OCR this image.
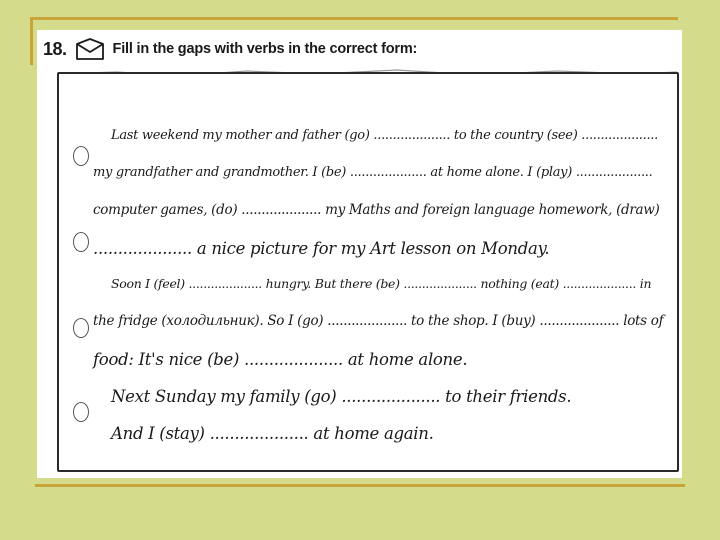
18.	Fill in the gaps with verbs in the correct form:
Last weekend my mother and father (go) .................... to the country (see) ....................
my grandfather and grandmother. I (be) .................... at home alone. I (play) ....................
computer games, (do) .................... my Maths and foreign language homework, (draw)
.................... a nice picture for my Art lesson on Monday.
Soon I (feel) .................... hungry. But there (be) .................... nothing (eat) .................... in
the fridge (холодильник). So I (go) .................... to the shop. I (buy) .................... lots of
food: It's nice (be) .................... at home alone.
Next Sunday my family (go) .................... to their friends.
And I (stay) .................... at home again.
